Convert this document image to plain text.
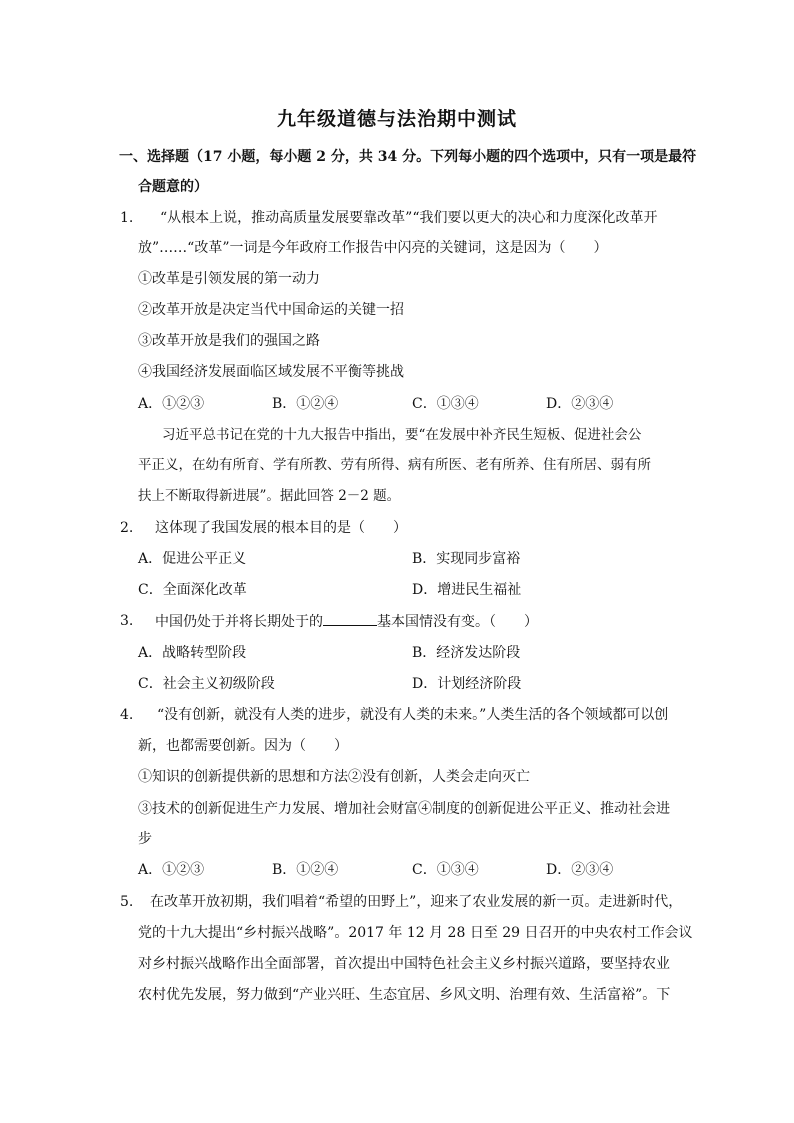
九年级道德与法治期中测试
一、选择题（17 小题，每小题 2 分，共 34 分。下列每小题的四个选项中，只有一项是最符
合题意的）
1. “从根本上说，推动高质量发展要靠改革”“我们要以更大的决心和力度深化改革开
放”……“改革”一词是今年政府工作报告中闪亮的关键词，这是因为（　　）
①改革是引领发展的第一动力
②改革开放是决定当代中国命运的关键一招
③改革开放是我们的强国之路
④我国经济发展面临区域发展不平衡等挑战
A．①②③	B．①②④	C．①③④	D．②③④
习近平总书记在党的十九大报告中指出，要“在发展中补齐民生短板、促进社会公
平正义，在幼有所育、学有所教、劳有所得、病有所医、老有所养、住有所居、弱有所
扶上不断取得新进展”。据此回答 2－2 题。
2. 这体现了我国发展的根本目的是（　　）
A．促进公平正义	B．实现同步富裕
C．全面深化改革	D．增进民生福祉
3. 中国仍处于并将长期处于的	基本国情没有变。（　　）
A．战略转型阶段	B．经济发达阶段
C．社会主义初级阶段	D．计划经济阶段
4. “没有创新，就没有人类的进步，就没有人类的未来。”人类生活的各个领域都可以创
新，也都需要创新。因为（　　）
①知识的创新提供新的思想和方法②没有创新，人类会走向灭亡
③技术的创新促进生产力发展、增加社会财富④制度的创新促进公平正义、推动社会进
步
A．①②③	B．①②④	C．①③④	D．②③④
5. 在改革开放初期，我们唱着“希望的田野上”，迎来了农业发展的新一页。走进新时代，
党的十九大提出“乡村振兴战略”。2017 年 12 月 28 日至 29 日召开的中央农村工作会议
对乡村振兴战略作出全面部署，首次提出中国特色社会主义乡村振兴道路，要坚持农业
农村优先发展，努力做到“产业兴旺、生态宜居、乡风文明、治理有效、生活富裕”。下
